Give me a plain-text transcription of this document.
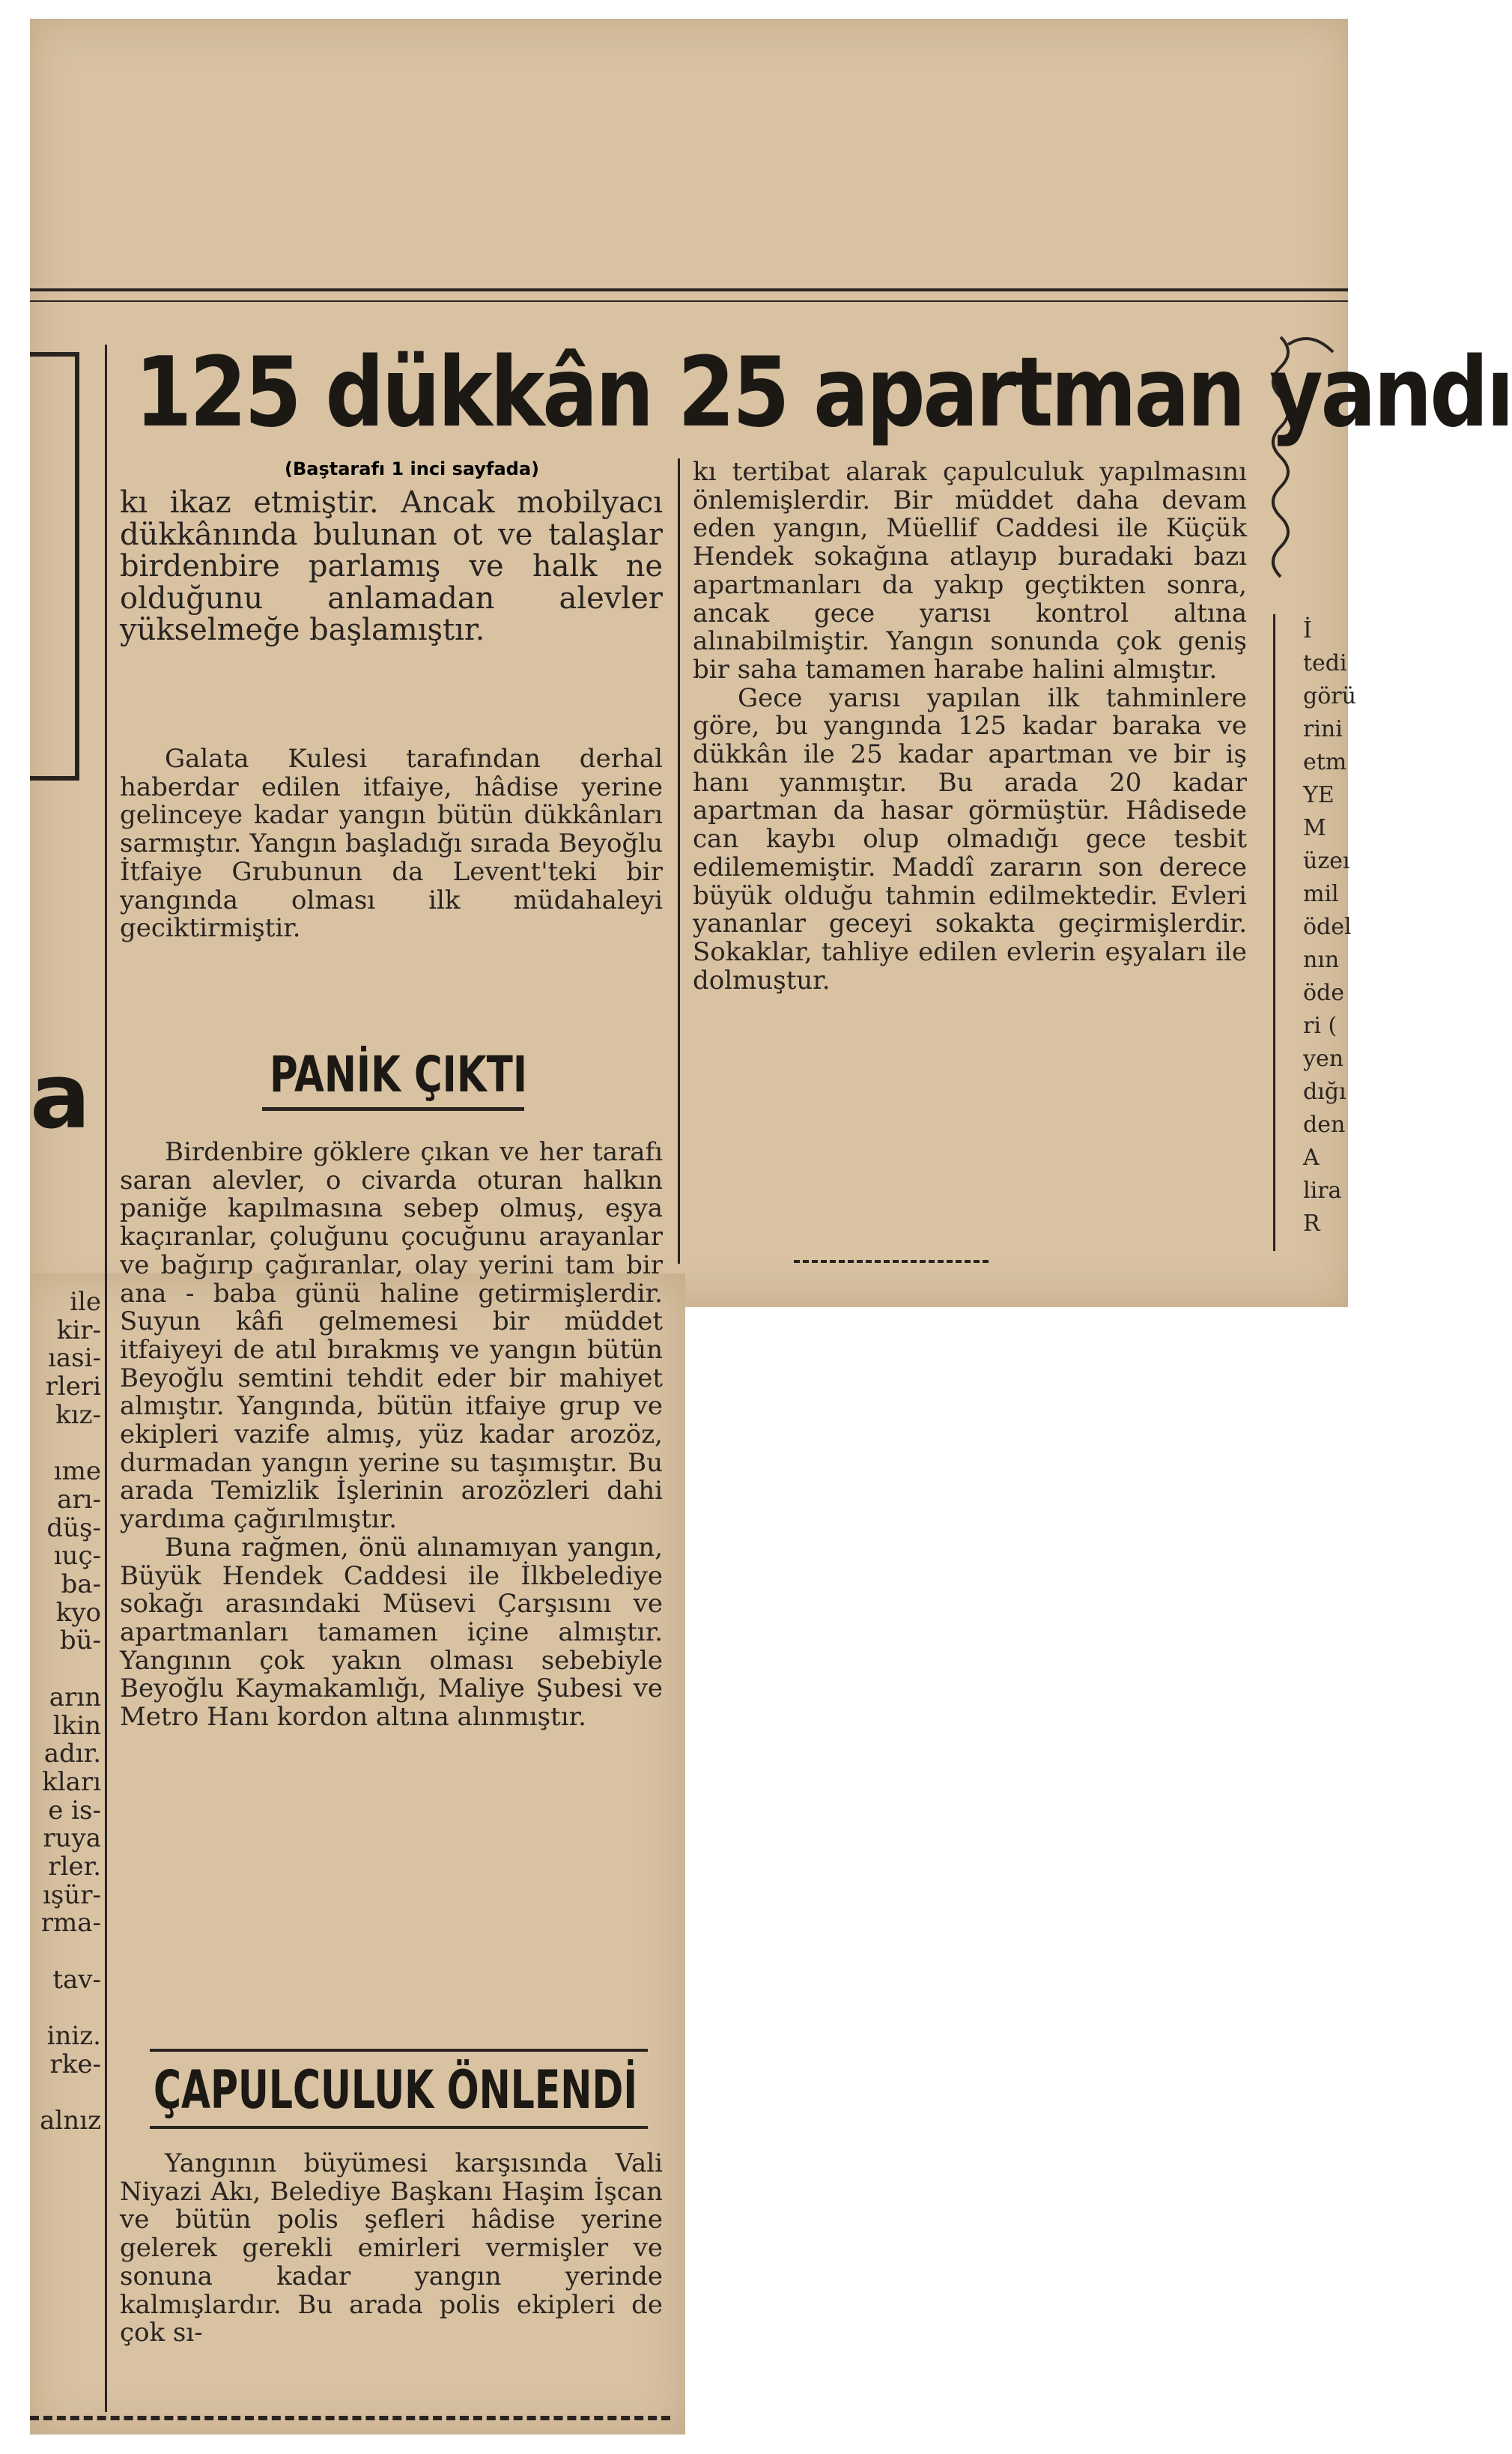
a
ile
kir-
ıasi-
rleri
kız-

ıme
arı-
düş-
ıuç-
ba-
kyo
bü-

arın
lkin
adır.
kları
e is-
ruya
rler.
ışür-
rma-

tav-

iniz.
rke-

alnız
İ
tedi
görü
rini
etm
YE
M
üzeı
mil
ödel
nın
öde
ri (
yen
dığı
den
A
lira
R
125 dükkân 25 apartman yandı
(Baştarafı 1 inci sayfada)

kı ikaz etmiştir. Ancak mobilyacı dükkânında bulunan ot ve talaşlar birdenbire parlamış ve halk ne olduğunu anlamadan alevler yükselmeğe başlamıştır.

Galata Kulesi tarafından derhal haberdar edilen itfaiye, hâdise yerine gelinceye kadar yangın bütün dükkânları sarmıştır. Yangın başladığı sırada Beyoğlu İtfaiye Grubunun da Levent'teki bir yangında olması ilk müdahaleyi geciktirmiştir.

PANİK ÇIKTI

Birdenbire göklere çıkan ve her tarafı saran alevler, o civarda oturan halkın paniğe kapılmasına sebep olmuş, eşya kaçıranlar, çoluğunu çocuğunu arayanlar ve bağırıp çağıranlar, olay yerini tam bir ana - baba günü haline getirmişlerdir. Suyun kâfi gelmemesi bir müddet itfaiyeyi de atıl bırakmış ve yangın bütün Beyoğlu semtini tehdit eder bir mahiyet almıştır. Yangında, bütün itfaiye grup ve ekipleri vazife almış, yüz kadar arozöz, durmadan yangın yerine su taşımıştır. Bu arada Temizlik İşlerinin arozözleri dahi yardıma çağırılmıştır.

Buna rağmen, önü alınamıyan yangın, Büyük Hendek Caddesi ile İlkbelediye sokağı arasındaki Müsevi Çarşısını ve apartmanları tamamen içine almıştır. Yangının çok yakın olması sebebiyle Beyoğlu Kaymakamlığı, Maliye Şubesi ve Metro Hanı kordon altına alınmıştır.

ÇAPULCULUK ÖNLENDİ

Yangının büyümesi karşısında Vali Niyazi Akı, Belediye Başkanı Haşim İşcan ve bütün polis şefleri hâdise yerine gelerek gerekli emirleri vermişler ve sonuna kadar yangın yerinde kalmışlardır. Bu arada polis ekipleri de çok sı-

kı tertibat alarak çapulculuk yapılmasını önlemişlerdir. Bir müddet daha devam eden yangın, Müellif Caddesi ile Küçük Hendek sokağına atlayıp buradaki bazı apartmanları da yakıp geçtikten sonra, ancak gece yarısı kontrol altına alınabilmiştir. Yangın sonunda çok geniş bir saha tamamen harabe halini almıştır.

Gece yarısı yapılan ilk tahminlere göre, bu yangında 125 kadar baraka ve dükkân ile 25 kadar apartman ve bir iş hanı yanmıştır. Bu arada 20 kadar apartman da hasar görmüştür. Hâdisede can kaybı olup olmadığı gece tesbit edilememiştir. Maddî zararın son derece büyük olduğu tahmin edilmektedir. Evleri yananlar geceyi sokakta geçirmişlerdir. Sokaklar, tahliye edilen evlerin eşyaları ile dolmuştur.
